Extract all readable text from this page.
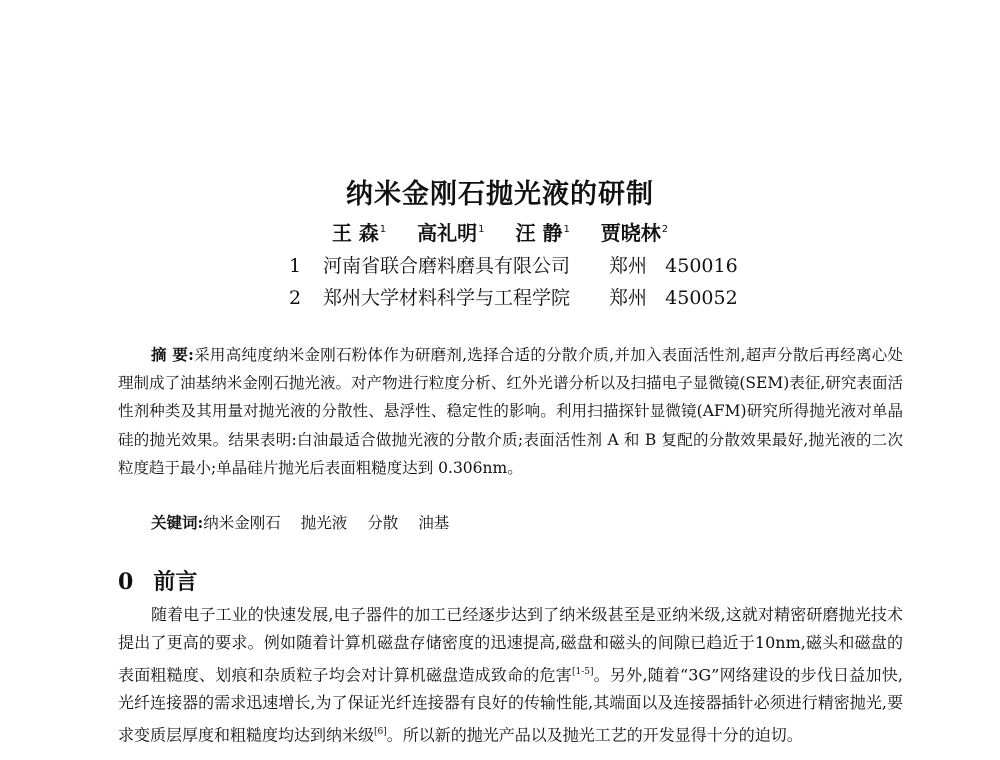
纳米金刚石抛光液的研制
王 森$^1$ 高礼明$^1$ 汪 静$^1$ 贾晓林$^2$
1 河南省联合磨料磨具有限公司 郑州 450016
2 郑州大学材料科学与工程学院 郑州 450052
摘 要:采用高纯度纳米金刚石粉体作为研磨剂,选择合适的分散介质,并加入表面活性剂,超声分散后再经离心处理制成了油基纳米金刚石抛光液。对产物进行粒度分析、红外光谱分析以及扫描电子显微镜(SEM)表征,研究表面活性剂种类及其用量对抛光液的分散性、悬浮性、稳定性的影响。利用扫描探针显微镜(AFM)研究所得抛光液对单晶硅的抛光效果。结果表明:白油最适合做抛光液的分散介质;表面活性剂 A 和 B 复配的分散效果最好,抛光液的二次粒度趋于最小;单晶硅片抛光后表面粗糙度达到 0.306nm。
关键词:纳米金刚石 抛光液 分散 油基
0 前言
随着电子工业的快速发展,电子器件的加工已经逐步达到了纳米级甚至是亚纳米级,这就对精密研磨抛光技术提出了更高的要求。例如随着计算机磁盘存储密度的迅速提高,磁盘和磁头的间隙已趋近于10nm,磁头和磁盘的表面粗糙度、划痕和杂质粒子均会对计算机磁盘造成致命的危害[1-5]。另外,随着“3G”网络建设的步伐日益加快,光纤连接器的需求迅速增长,为了保证光纤连接器有良好的传输性能,其端面以及连接器插针必须进行精密抛光,要求变质层厚度和粗糙度均达到纳米级[6]。所以新的抛光产品以及抛光工艺的开发显得十分的迫切。
